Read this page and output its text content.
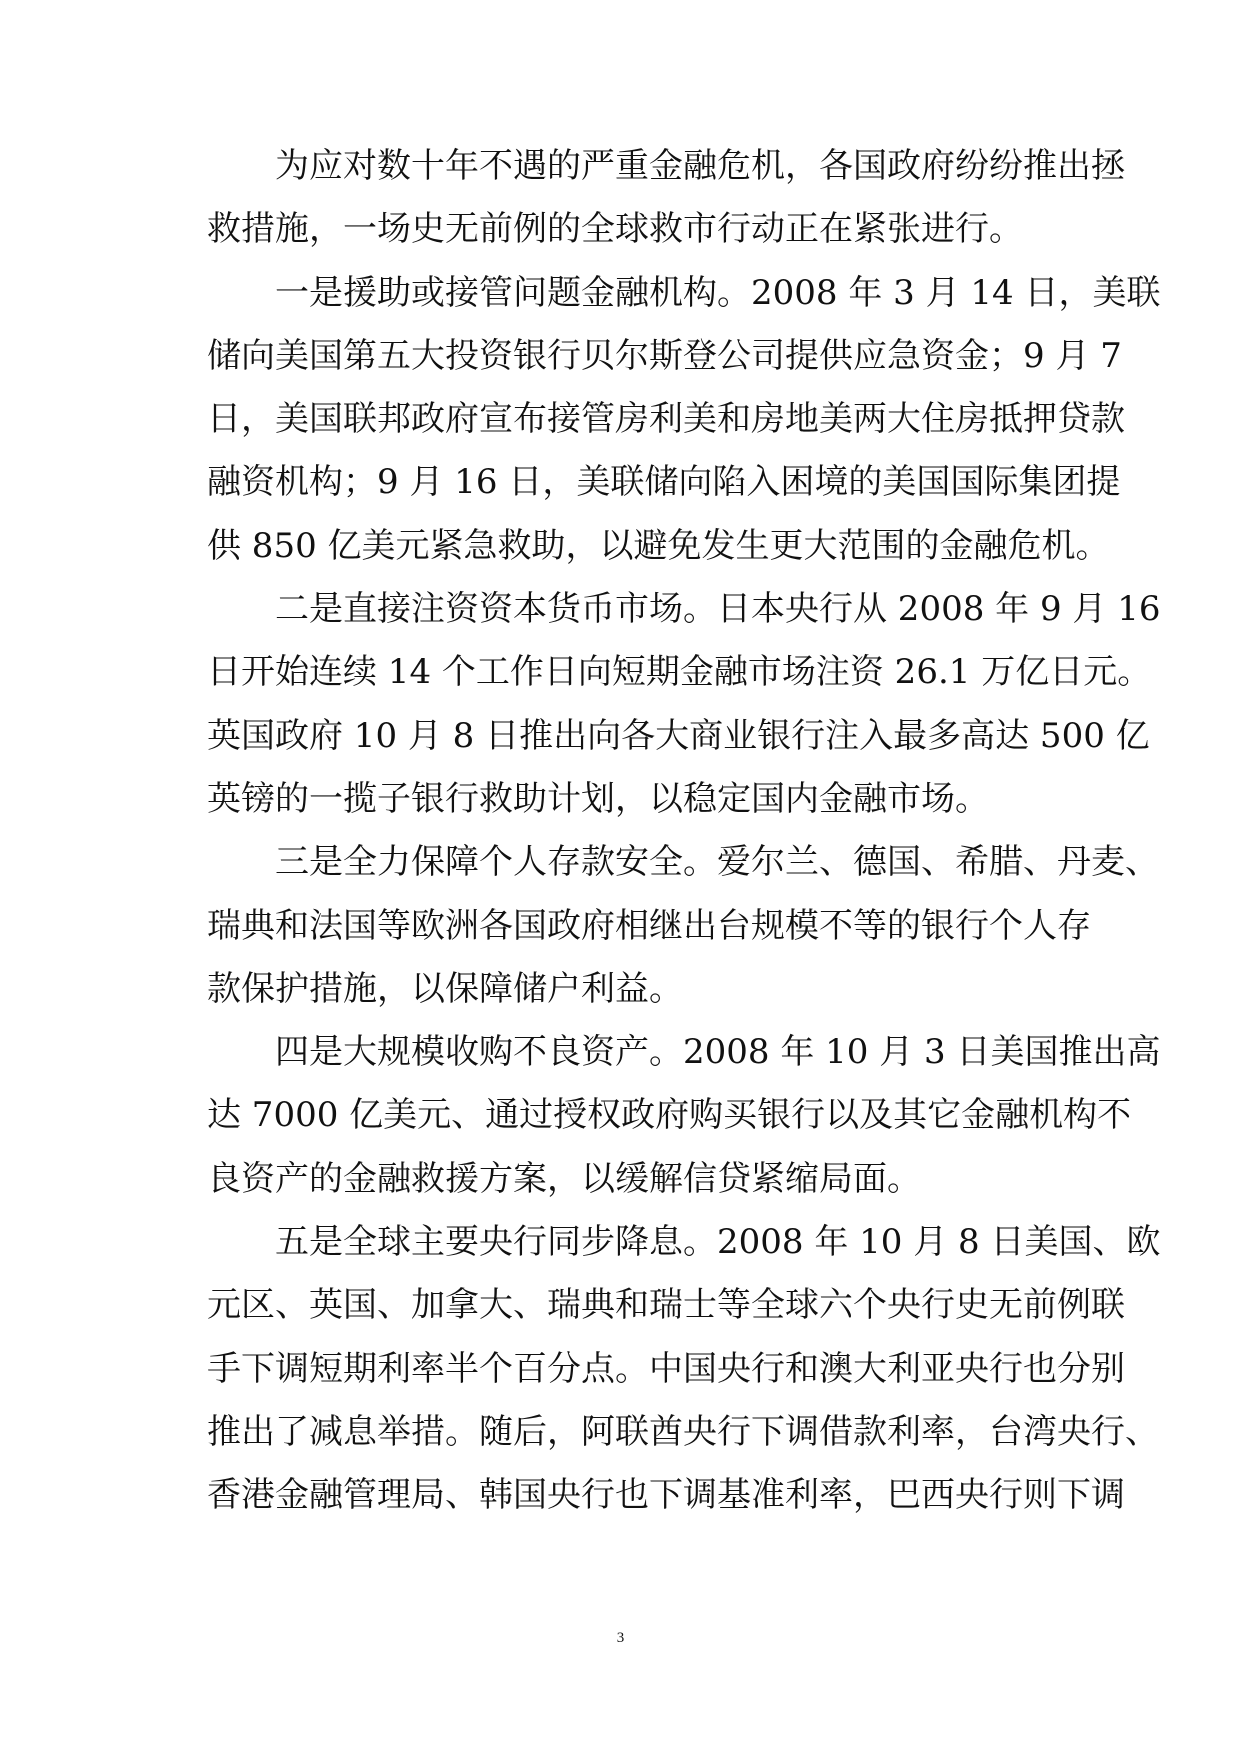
为应对数十年不遇的严重金融危机，各国政府纷纷推出拯
救措施，一场史无前例的全球救市行动正在紧张进行。
一是援助或接管问题金融机构。2008 年 3 月 14 日，美联
储向美国第五大投资银行贝尔斯登公司提供应急资金；9 月 7
日，美国联邦政府宣布接管房利美和房地美两大住房抵押贷款
融资机构；9 月 16 日，美联储向陷入困境的美国国际集团提
供 850 亿美元紧急救助，以避免发生更大范围的金融危机。
二是直接注资资本货币市场。日本央行从 2008 年 9 月 16
日开始连续 14 个工作日向短期金融市场注资 26.1 万亿日元。
英国政府 10 月 8 日推出向各大商业银行注入最多高达 500 亿
英镑的一揽子银行救助计划，以稳定国内金融市场。
三是全力保障个人存款安全。爱尔兰、德国、希腊、丹麦、
瑞典和法国等欧洲各国政府相继出台规模不等的银行个人存
款保护措施，以保障储户利益。
四是大规模收购不良资产。2008 年 10 月 3 日美国推出高
达 7000 亿美元、通过授权政府购买银行以及其它金融机构不
良资产的金融救援方案，以缓解信贷紧缩局面。
五是全球主要央行同步降息。2008 年 10 月 8 日美国、欧
元区、英国、加拿大、瑞典和瑞士等全球六个央行史无前例联
手下调短期利率半个百分点。中国央行和澳大利亚央行也分别
推出了减息举措。随后，阿联酋央行下调借款利率，台湾央行、
香港金融管理局、韩国央行也下调基准利率，巴西央行则下调
3
